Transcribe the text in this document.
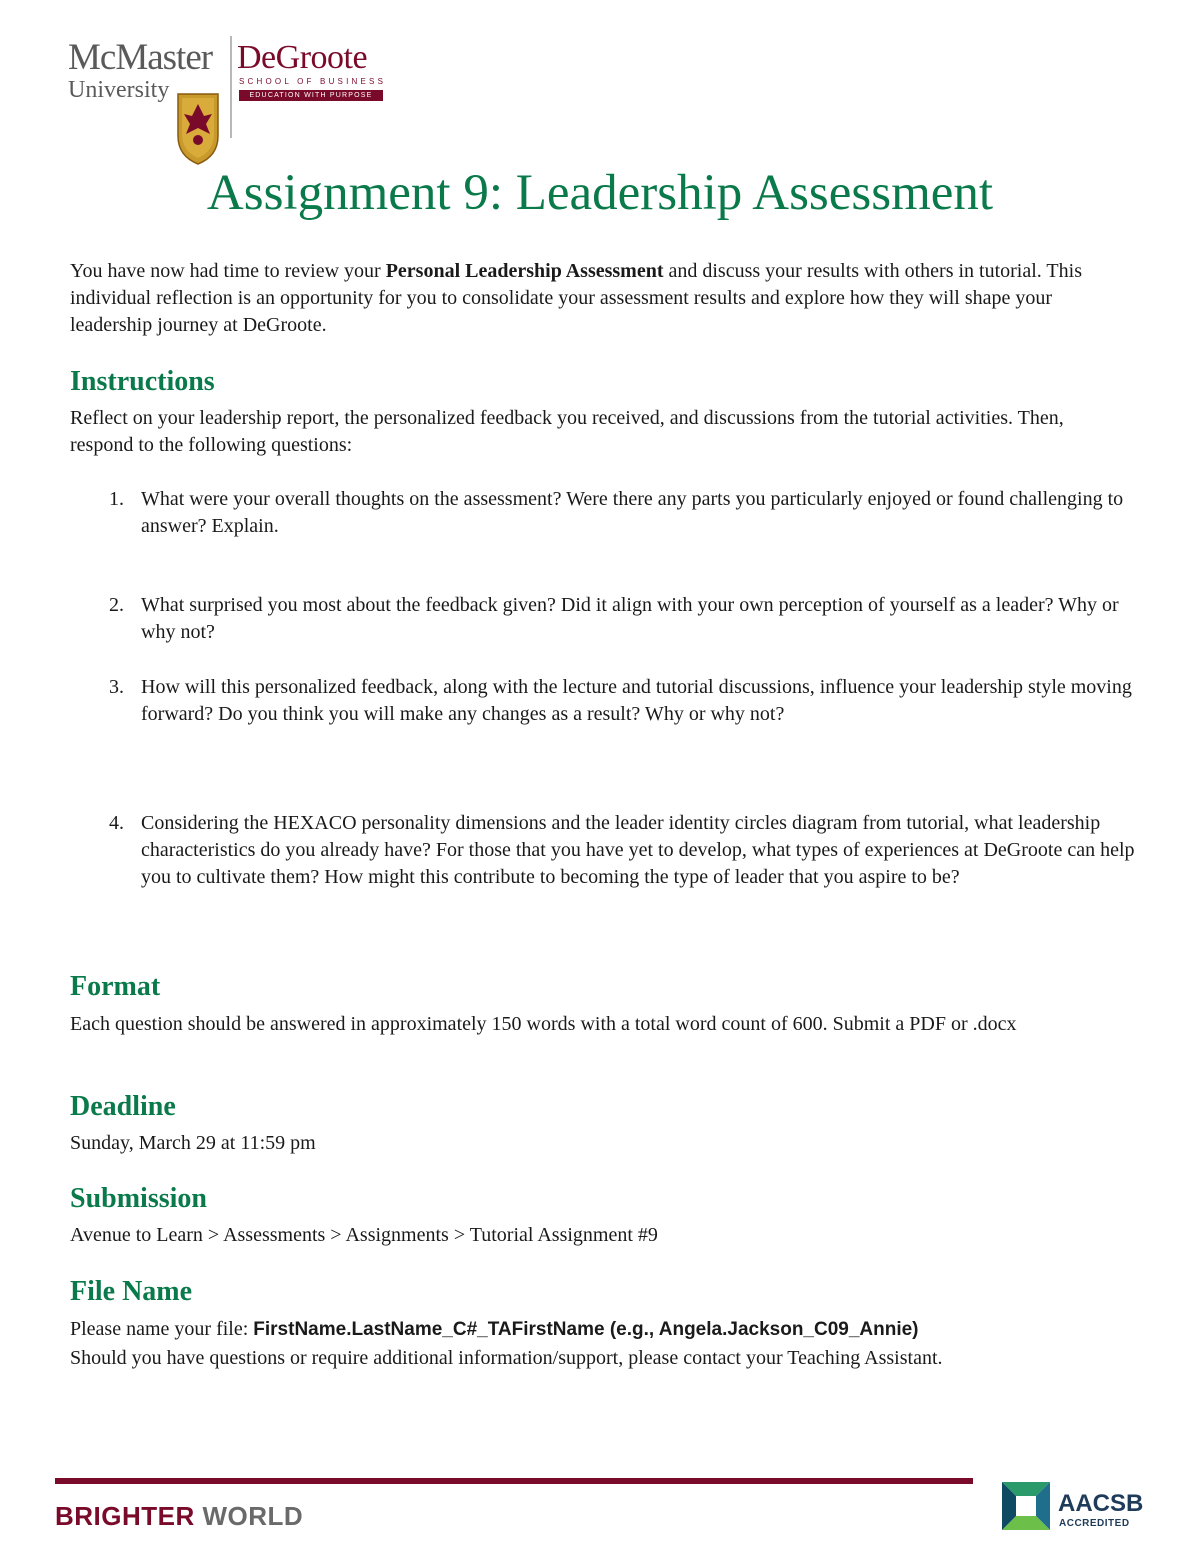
McMaster
University
DeGroote
SCHOOL OF BUSINESS
EDUCATION WITH PURPOSE
Assignment 9: Leadership Assessment

You have now had time to review your Personal Leadership Assessment and discuss your results with others in tutorial. This individual reflection is an opportunity for you to consolidate your assessment results and explore how they will shape your leadership journey at DeGroote.

Instructions

Reflect on your leadership report, the personalized feedback you received, and discussions from the tutorial activities. Then, respond to the following questions:

1. What were your overall thoughts on the assessment? Were there any parts you particularly enjoyed or found challenging to answer? Explain.
2. What surprised you most about the feedback given? Did it align with your own perception of yourself as a leader? Why or why not?
3. How will this personalized feedback, along with the lecture and tutorial discussions, influence your leadership style moving forward? Do you think you will make any changes as a result? Why or why not?
4. Considering the HEXACO personality dimensions and the leader identity circles diagram from tutorial, what leadership characteristics do you already have? For those that you have yet to develop, what types of experiences at DeGroote can help you to cultivate them? How might this contribute to becoming the type of leader that you aspire to be?
Format

Each question should be answered in approximately 150 words with a total word count of 600. Submit a PDF or .docx

Deadline

Sunday, March 29 at 11:59 pm

Submission

Avenue to Learn > Assessments > Assignments > Tutorial Assignment #9

File Name

Please name your file: FirstName.LastName_C#_TAFirstName (e.g., Angela.Jackson_C09_Annie)

Should you have questions or require additional information/support, please contact your Teaching Assistant.

BRIGHTER WORLD	AACSB
ACCREDITED
